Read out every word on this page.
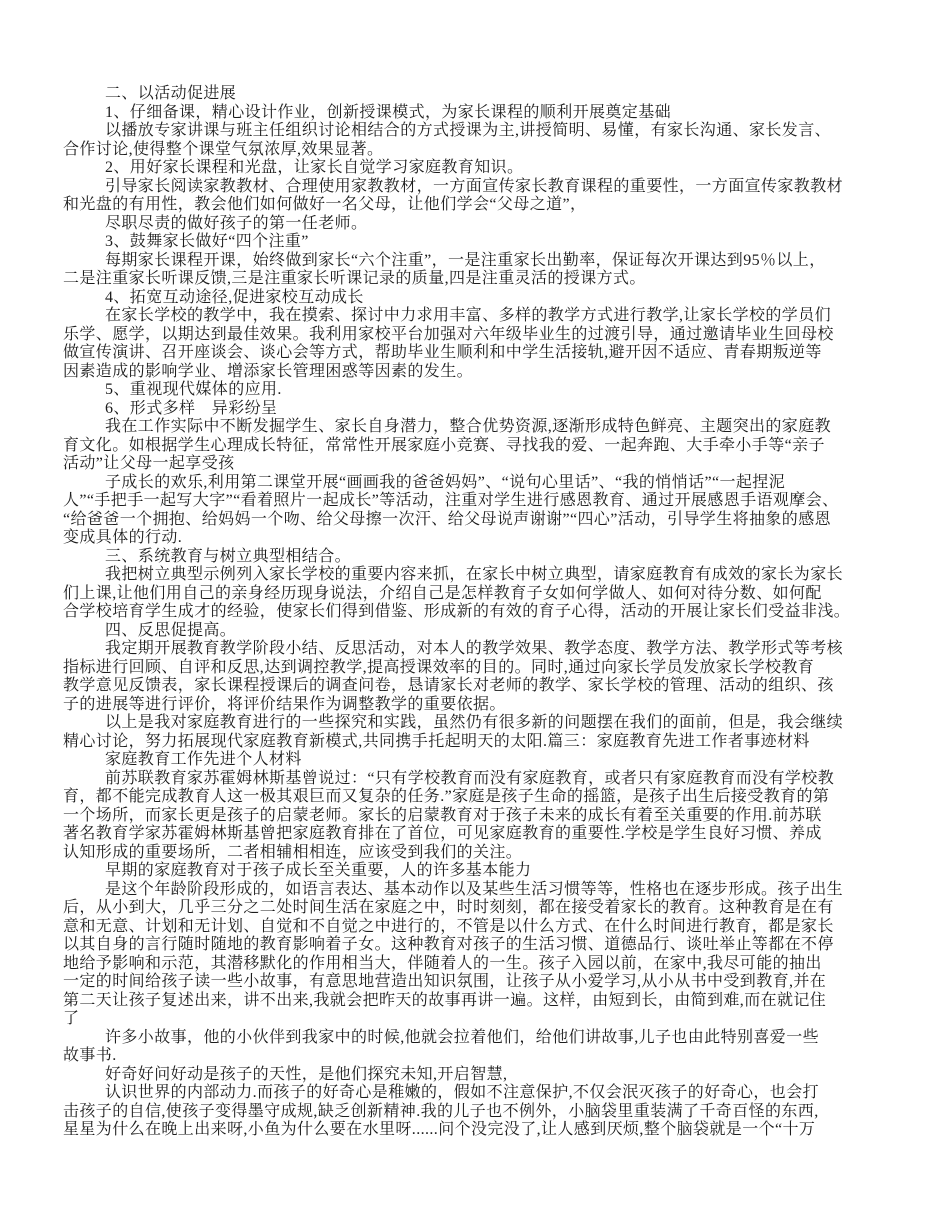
二、以活动促进展
1、仔细备课，精心设计作业，创新授课模式，为家长课程的顺利开展奠定基础
以播放专家讲课与班主任组织讨论相结合的方式授课为主,讲授简明、易懂，有家长沟通、家长发言、
合作讨论,使得整个课堂气氛浓厚,效果显著。
2、用好家长课程和光盘，让家长自觉学习家庭教育知识。
引导家长阅读家教教材、合理使用家教教材，一方面宣传家长教育课程的重要性，一方面宣传家教教材
和光盘的有用性，教会他们如何做好一名父母，让他们学会“父母之道”，
尽职尽责的做好孩子的第一任老师。
3、鼓舞家长做好“四个注重”
每期家长课程开课，始终做到家长“六个注重”，一是注重家长出勤率，保证每次开课达到95％以上，
二是注重家长听课反馈,三是注重家长听课记录的质量,四是注重灵活的授课方式。
4、拓宽互动途径,促进家校互动成长
在家长学校的教学中，我在摸索、探讨中力求用丰富、多样的教学方式进行教学,让家长学校的学员们
乐学、愿学，以期达到最佳效果。我利用家校平台加强对六年级毕业生的过渡引导，通过邀请毕业生回母校
做宣传演讲、召开座谈会、谈心会等方式，帮助毕业生顺利和中学生活接轨,避开因不适应、青春期叛逆等
因素造成的影响学业、增添家长管理困惑等因素的发生。
5、重视现代媒体的应用.
6、形式多样　异彩纷呈
我在工作实际中不断发掘学生、家长自身潜力，整合优势资源,逐渐形成特色鲜亮、主题突出的家庭教
育文化。如根据学生心理成长特征，常常性开展家庭小竞赛、寻找我的爱、一起奔跑、大手牵小手等“亲子
活动”让父母一起享受孩
子成长的欢乐,利用第二课堂开展“画画我的爸爸妈妈”、“说句心里话”、“我的悄悄话”“一起捏泥
人”“手把手一起写大字”“看着照片一起成长”等活动，注重对学生进行感恩教育、通过开展感恩手语观摩会、
“给爸爸一个拥抱、给妈妈一个吻、给父母擦一次汗、给父母说声谢谢”“四心”活动，引导学生将抽象的感恩
变成具体的行动.
三、系统教育与树立典型相结合。
我把树立典型示例列入家长学校的重要内容来抓，在家长中树立典型，请家庭教育有成效的家长为家长
们上课,让他们用自己的亲身经历现身说法，介绍自己是怎样教育子女如何学做人、如何对待分数、如何配
合学校培育学生成才的经验，使家长们得到借鉴、形成新的有效的育子心得，活动的开展让家长们受益非浅。
四、反思促提高。
我定期开展教育教学阶段小结、反思活动，对本人的教学效果、教学态度、教学方法、教学形式等考核
指标进行回顾、自评和反思,达到调控教学,提高授课效率的目的。同时,通过向家长学员发放家长学校教育
教学意见反馈表，家长课程授课后的调查问卷，恳请家长对老师的教学、家长学校的管理、活动的组织、孩
子的进展等进行评价，将评价结果作为调整教学的重要依据。
以上是我对家庭教育进行的一些探究和实践，虽然仍有很多新的问题摆在我们的面前，但是，我会继续
精心讨论，努力拓展现代家庭教育新模式,共同携手托起明天的太阳.篇三：家庭教育先进工作者事迹材料
家庭教育工作先进个人材料
前苏联教育家苏霍姆林斯基曾说过：“只有学校教育而没有家庭教育，或者只有家庭教育而没有学校教
育，都不能完成教育人这一极其艰巨而又复杂的任务.”家庭是孩子生命的摇篮，是孩子出生后接受教育的第
一个场所，而家长更是孩子的启蒙老师。家长的启蒙教育对于孩子未来的成长有着至关重要的作用.前苏联
著名教育学家苏霍姆林斯基曾把家庭教育排在了首位，可见家庭教育的重要性.学校是学生良好习惯、养成
认知形成的重要场所，二者相辅相相连，应该受到我们的关注。
早期的家庭教育对于孩子成长至关重要，人的许多基本能力
是这个年龄阶段形成的，如语言表达、基本动作以及某些生活习惯等等，性格也在逐步形成。孩子出生
后，从小到大，几乎三分之二处时间生活在家庭之中，时时刻刻，都在接受着家长的教育。这种教育是在有
意和无意、计划和无计划、自觉和不自觉之中进行的，不管是以什么方式、在什么时间进行教育，都是家长
以其自身的言行随时随地的教育影响着子女。这种教育对孩子的生活习惯、道德品行、谈吐举止等都在不停
地给予影响和示范，其潜移默化的作用相当大，伴随着人的一生。孩子入园以前，在家中,我尽可能的抽出
一定的时间给孩子读一些小故事，有意思地营造出知识氛围，让孩子从小爱学习,从小从书中受到教育,并在
第二天让孩子复述出来，讲不出来,我就会把昨天的故事再讲一遍。这样，由短到长，由简到难,而在就记住
了
许多小故事，他的小伙伴到我家中的时候,他就会拉着他们，给他们讲故事,儿子也由此特别喜爱一些
故事书.
好奇好问好动是孩子的天性，是他们探究未知,开启智慧,
认识世界的内部动力.而孩子的好奇心是稚嫩的，假如不注意保护,不仅会泯灭孩子的好奇心，也会打
击孩子的自信,使孩子变得墨守成规,缺乏创新精神.我的儿子也不例外，小脑袋里重装满了千奇百怪的东西,
星星为什么在晚上出来呀,小鱼为什么要在水里呀......问个没完没了,让人感到厌烦,整个脑袋就是一个“十万
